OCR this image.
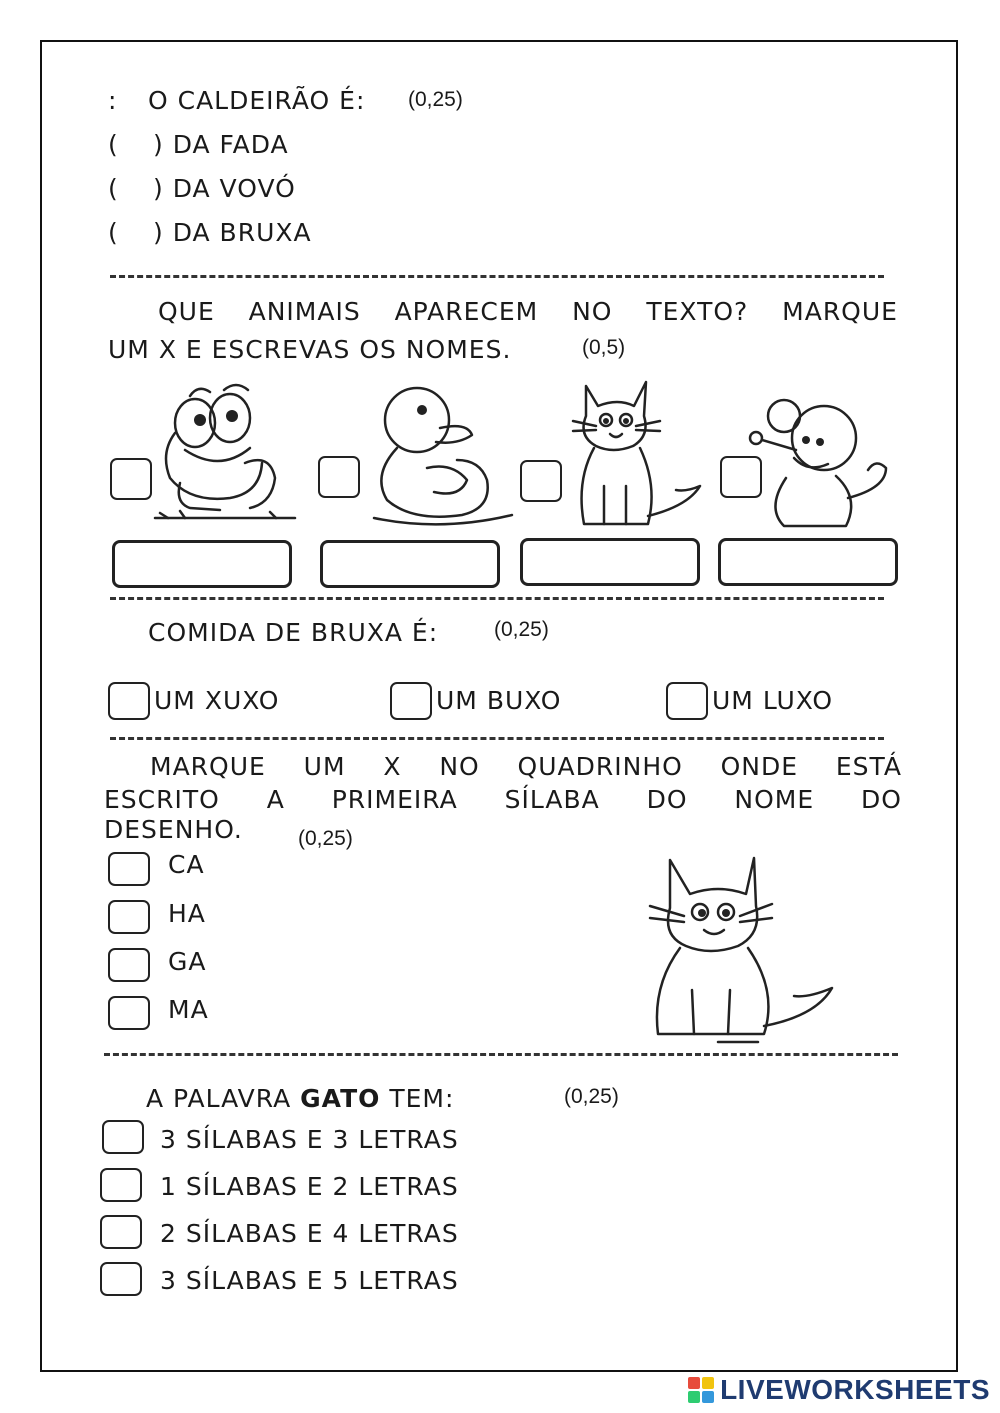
: O CALDEIRÃO É: (0,25)
( ) DA FADA
( ) DA VOVÓ
( ) DA BRUXA
QUE ANIMAIS APARECEM NO TEXTO? MARQUE
UM X E ESCREVAS OS NOMES.	(0,5)
COMIDA DE BRUXA É:	(0,25)
UM XUXO	UM BUXO	UM LUXO
MARQUE UM X NO QUADRINHO ONDE ESTÁ
ESCRITO A PRIMEIRA SÍLABA DO NOME DO
DESENHO.	(0,25)
CA
HA
GA
MA
A PALAVRA GATO TEM:	(0,25)
3 SÍLABAS E 3 LETRAS
1 SÍLABAS E 2 LETRAS
2 SÍLABAS E 4 LETRAS
3 SÍLABAS E 5 LETRAS
LIVEWORKSHEETS
